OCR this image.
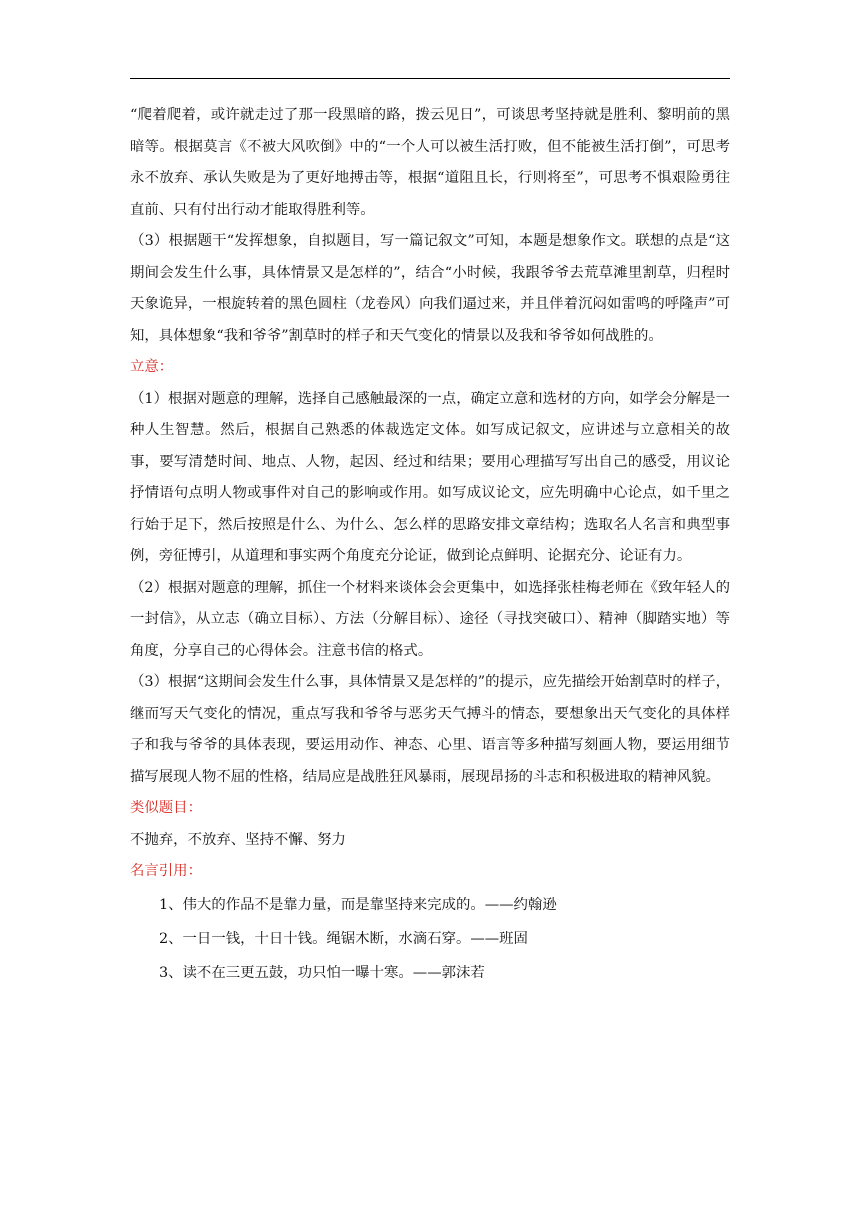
“爬着爬着，或许就走过了那一段黑暗的路，拨云见日”，可谈思考坚持就是胜利、黎明前的黑暗等。根据莫言《不被大风吹倒》中的“一个人可以被生活打败，但不能被生活打倒”，可思考永不放弃、承认失败是为了更好地搏击等，根据“道阻且长，行则将至”，可思考不惧艰险勇往直前、只有付出行动才能取得胜利等。

（3）根据题干“发挥想象，自拟题目，写一篇记叙文”可知，本题是想象作文。联想的点是“这期间会发生什么事，具体情景又是怎样的”，结合“小时候，我跟爷爷去荒草滩里割草，归程时天象诡异，一根旋转着的黑色圆柱（龙卷风）向我们逼过来，并且伴着沉闷如雷鸣的呼隆声”可知，具体想象“我和爷爷”割草时的样子和天气变化的情景以及我和爷爷如何战胜的。

立意：

（1）根据对题意的理解，选择自己感触最深的一点，确定立意和选材的方向，如学会分解是一种人生智慧。然后，根据自己熟悉的体裁选定文体。如写成记叙文，应讲述与立意相关的故事，要写清楚时间、地点、人物，起因、经过和结果；要用心理描写写出自己的感受，用议论抒情语句点明人物或事件对自己的影响或作用。如写成议论文，应先明确中心论点，如千里之行始于足下，然后按照是什么、为什么、怎么样的思路安排文章结构；选取名人名言和典型事例，旁征博引，从道理和事实两个角度充分论证，做到论点鲜明、论据充分、论证有力。

（2）根据对题意的理解，抓住一个材料来谈体会会更集中，如选择张桂梅老师在《致年轻人的一封信》，从立志（确立目标）、方法（分解目标）、途径（寻找突破口）、精神（脚踏实地）等角度，分享自己的心得体会。注意书信的格式。

（3）根据“这期间会发生什么事，具体情景又是怎样的”的提示，应先描绘开始割草时的样子，继而写天气变化的情况，重点写我和爷爷与恶劣天气搏斗的情态，要想象出天气变化的具体样子和我与爷爷的具体表现，要运用动作、神态、心里、语言等多种描写刻画人物，要运用细节描写展现人物不屈的性格，结局应是战胜狂风暴雨，展现昂扬的斗志和积极进取的精神风貌。

类似题目：

不抛弃，不放弃、坚持不懈、努力

名言引用：

1、伟大的作品不是靠力量，而是靠坚持来完成的。——约翰逊

2、一日一钱，十日十钱。绳锯木断，水滴石穿。——班固

3、读不在三更五鼓，功只怕一曝十寒。——郭沫若
